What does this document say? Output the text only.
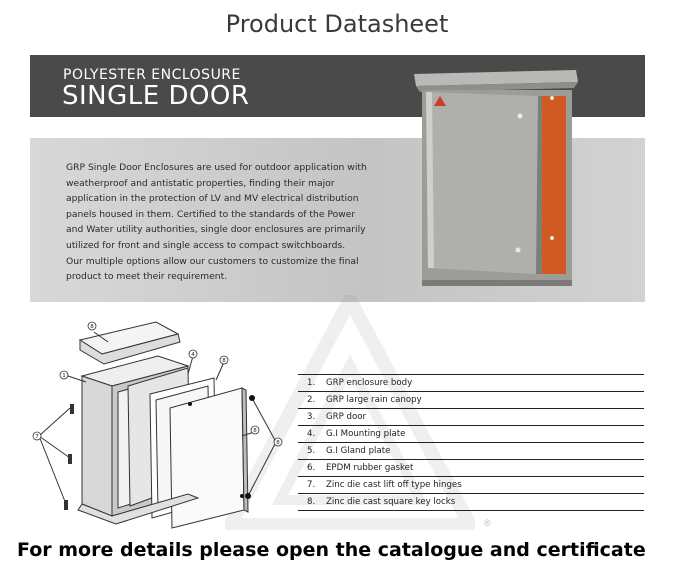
Product Datasheet
POLYESTER ENCLOSURE
SINGLE DOOR
GRP Single Door Enclosures are used for outdoor application with
weatherproof and antistatic properties, finding their major
application in the protection of LV and MV electrical distribution
panels housed in them. Certified to the standards of the Power
and Water utility authorities, single door enclosures are primarily
utilized for front and single access to compact switchboards.
Our multiple options allow our customers to customize the final
product to meet their requirement.
1
8
4
8
8
8
7
1. GRP enclosure body
2. GRP large rain canopy
3. GRP door
4. G.I Mounting plate
5. G.I Gland plate
6. EPDM rubber gasket
7. Zinc die cast lift off type hinges
8. Zinc die cast square key locks
®
For more details please open the catalogue and certificate
